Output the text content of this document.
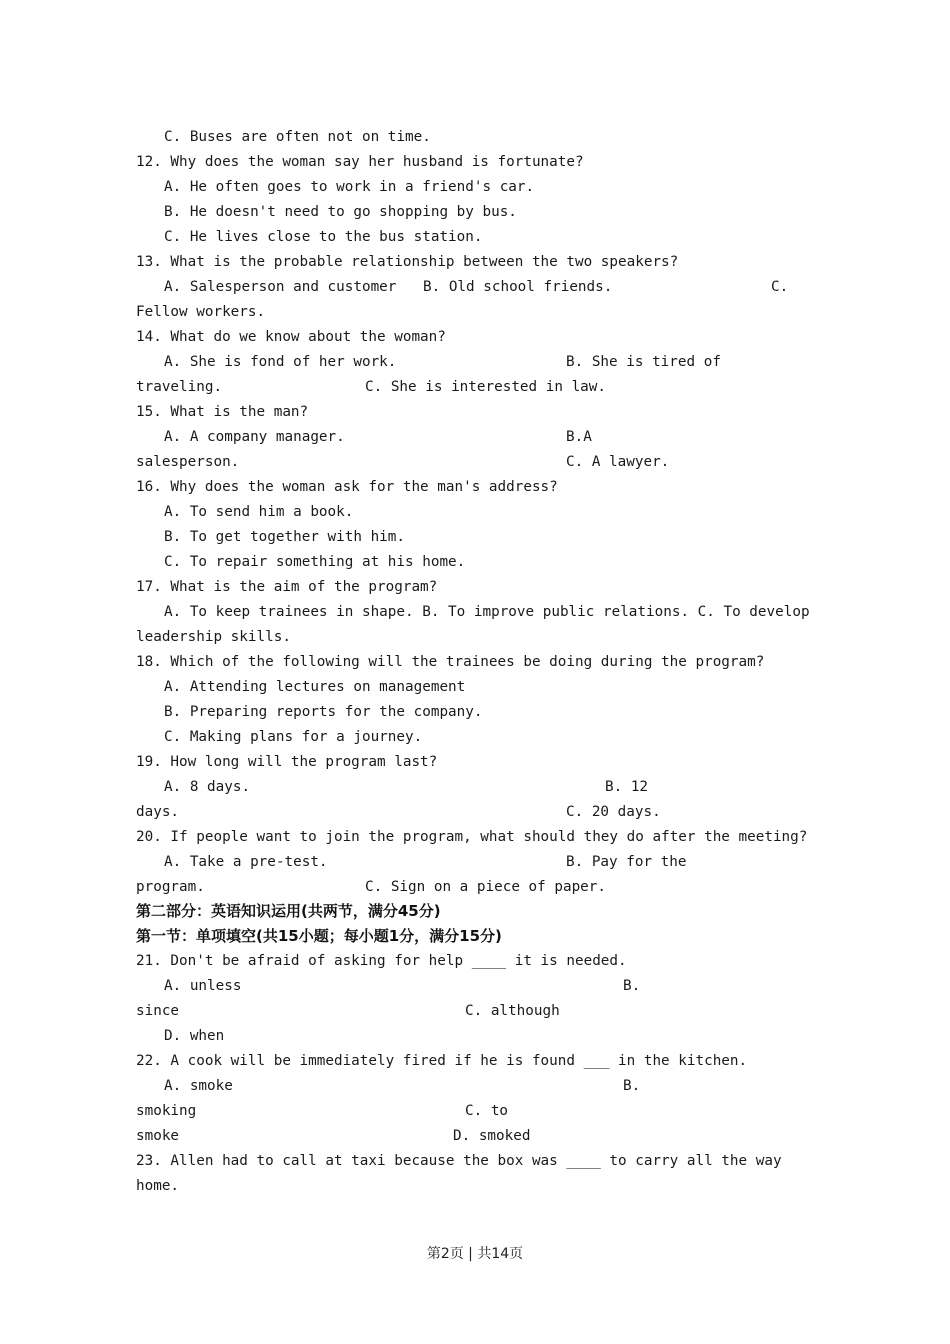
C. Buses are often not on time.
12. Why does the woman say her husband is fortunate?
A. He often goes to work in a friend's car.
B. He doesn't need to go shopping by bus.
C. He lives close to the bus station.
13. What is the probable relationship between the two speakers?
A. Salesperson and customer B. Old school friends.	C.
Fellow workers.
14. What do we know about the woman?
A. She is fond of her work.	B. She is tired of
traveling.	C. She is interested in law.
15. What is the man?
A. A company manager.	B.A
salesperson.	C. A lawyer.
16. Why does the woman ask for the man's address?
A. To send him a book.
B. To get together with him.
C. To repair something at his home.
17. What is the aim of the program?
A. To keep trainees in shape. B. To improve public relations. C. To develop
leadership skills.
18. Which of the following will the trainees be doing during the program?
A. Attending lectures on management
B. Preparing reports for the company.
C. Making plans for a journey.
19. How long will the program last?
A. 8 days.	B. 12
days.	C. 20 days.
20. If people want to join the program, what should they do after the meeting?
A. Take a pre-test.	B. Pay for the
program.	C. Sign on a piece of paper.
第二部分：英语知识运用(共两节，满分45分)
第一节：单项填空(共15小题；每小题1分，满分15分)
21. Don't be afraid of asking for help ____ it is needed.
A. unless	B.
since	C. although
D. when
22. A cook will be immediately fired if he is found ___ in the kitchen.
A. smoke	B.
smoking	C. to
smoke	D. smoked
23. Allen had to call at taxi because the box was ____ to carry all the way
home.
第2页 | 共14页
